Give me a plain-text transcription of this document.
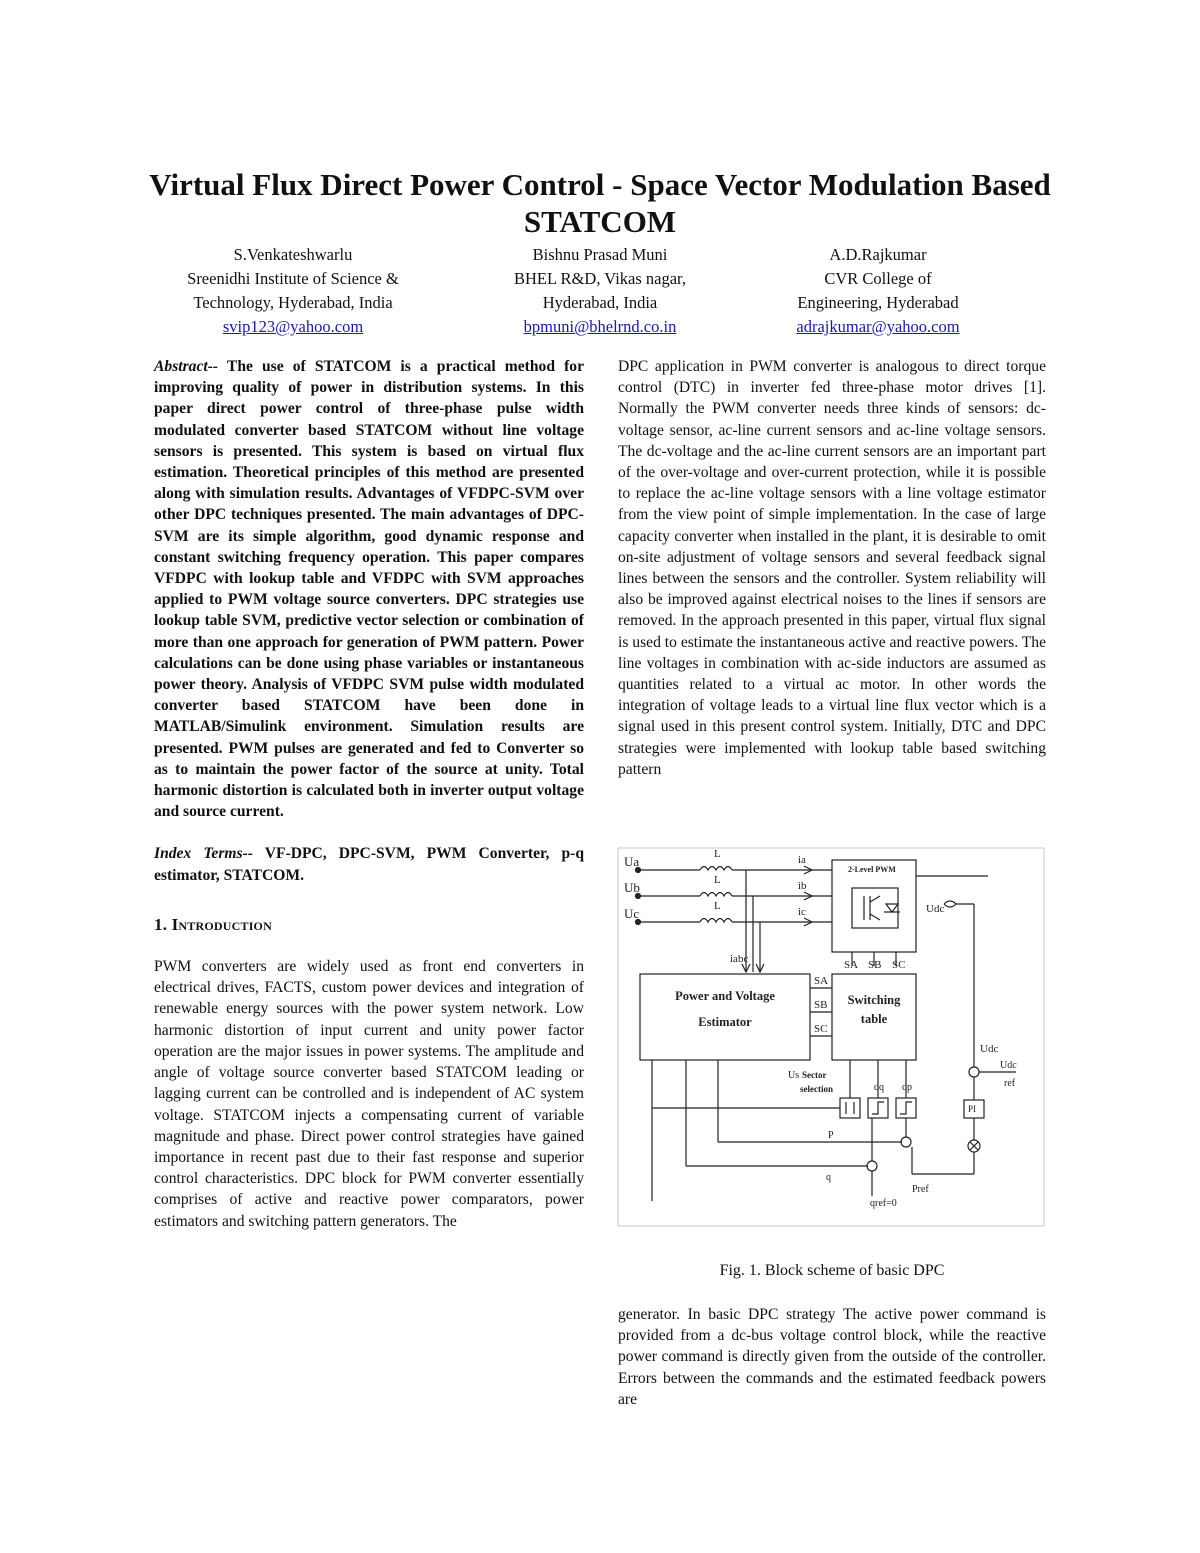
Virtual Flux Direct Power Control - Space Vector Modulation Based STATCOM
S.Venkateshwarlu
Sreenidhi Institute of Science &
Technology, Hyderabad, India
svip123@yahoo.com
Bishnu Prasad Muni
BHEL R&D, Vikas nagar,
Hyderabad, India
bpmuni@bhelrnd.co.in
A.D.Rajkumar
CVR College of
Engineering, Hyderabad
adrajkumar@yahoo.com

Abstract-- The use of STATCOM is a practical method for improving quality of power in distribution systems. In this paper direct power control of three-phase pulse width modulated converter based STATCOM without line voltage sensors is presented. This system is based on virtual flux estimation. Theoretical principles of this method are presented along with simulation results. Advantages of VFDPC-SVM over other DPC techniques presented. The main advantages of DPC-SVM are its simple algorithm, good dynamic response and constant switching frequency operation. This paper compares VFDPC with lookup table and VFDPC with SVM approaches applied to PWM voltage source converters. DPC strategies use lookup table SVM, predictive vector selection or combination of more than one approach for generation of PWM pattern. Power calculations can be done using phase variables or instantaneous power theory. Analysis of VFDPC SVM pulse width modulated converter based STATCOM have been done in MATLAB/Simulink environment. Simulation results are presented. PWM pulses are generated and fed to Converter so as to maintain the power factor of the source at unity. Total harmonic distortion is calculated both in inverter output voltage and source current.

Index Terms-- VF-DPC, DPC-SVM, PWM Converter, p-q estimator, STATCOM.

1. Introduction

PWM converters are widely used as front end converters in electrical drives, FACTS, custom power devices and integration of renewable energy sources with the power system network. Low harmonic distortion of input current and unity power factor operation are the major issues in power systems. The amplitude and angle of voltage source converter based STATCOM leading or lagging current can be controlled and is independent of AC system voltage. STATCOM injects a compensating current of variable magnitude and phase. Direct power control strategies have gained importance in recent past due to their fast response and superior control characteristics. DPC block for PWM converter essentially comprises of active and reactive power comparators, power estimators and switching pattern generators. The

DPC application in PWM converter is analogous to direct torque control (DTC) in inverter fed three-phase motor drives [1]. Normally the PWM converter needs three kinds of sensors: dc-voltage sensor, ac-line current sensors and ac-line voltage sensors. The dc-voltage and the ac-line current sensors are an important part of the over-voltage and over-current protection, while it is possible to replace the ac-line voltage sensors with a line voltage estimator from the view point of simple implementation. In the case of large capacity converter when installed in the plant, it is desirable to omit on-site adjustment of voltage sensors and several feedback signal lines between the sensors and the controller. System reliability will also be improved against electrical noises to the lines if sensors are removed. In the approach presented in this paper, virtual flux signal is used to estimate the instantaneous active and reactive powers. The line voltages in combination with ac-side inductors are assumed as quantities related to a virtual ac motor. In other words the integration of voltage leads to a virtual line flux vector which is a signal used in this present control system. Initially, DTC and DPC strategies were implemented with lookup table based switching pattern

Ua
Ub
Uc
L
L
L
ia
ib
ic
iabc
2-Level PWM
Udc
SA SB SC
Power and Voltage
Estimator
Switching
table
SA
SB
SC
Udc
Udc
ref
PI
Pref
Us Sector
selection	dq dp
P
q
qref=0
Fig. 1. Block scheme of basic DPC

generator. In basic DPC strategy The active power command is provided from a dc-bus voltage control block, while the reactive power command is directly given from the outside of the controller. Errors between the commands and the estimated feedback powers are
